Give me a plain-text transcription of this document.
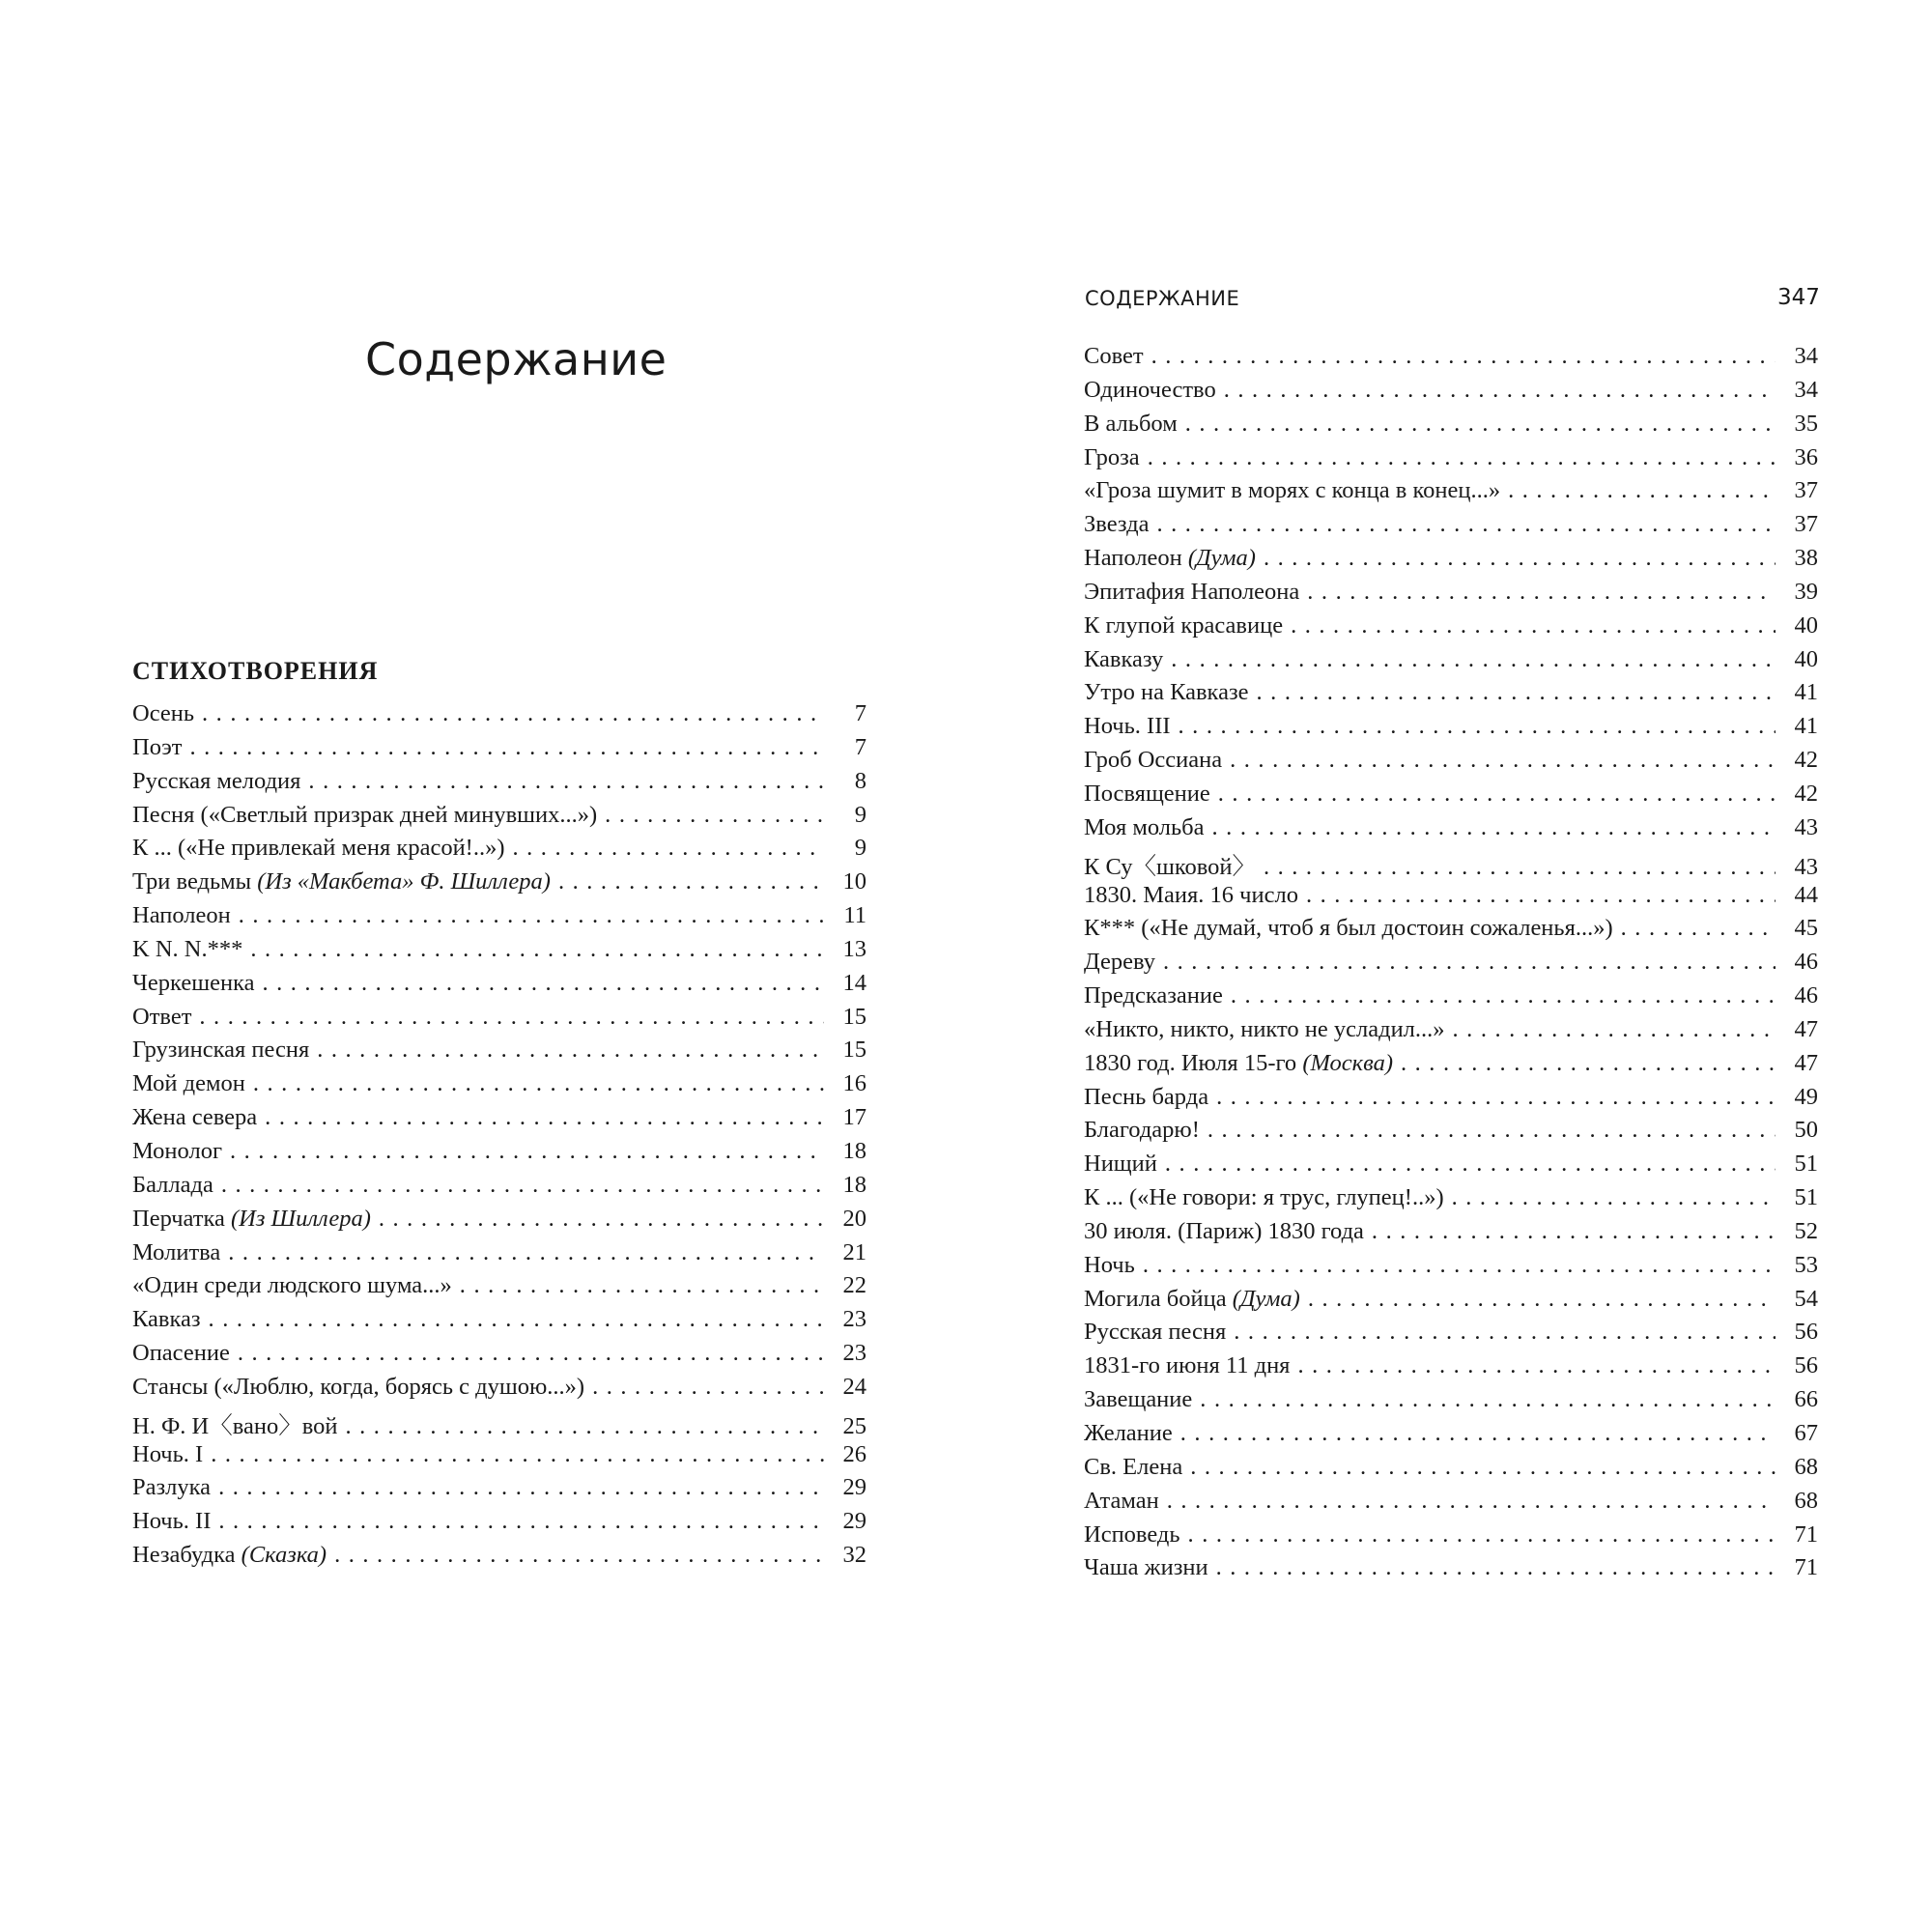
Содержание
СТИХОТВОРЕНИЯ
Осень . . .	7
Поэт . . .	7
Русская мелодия . . .	8
Песня («Светлый призрак дней минувших...») . . .	9
К ... («Не привлекай меня красой!..») . . .	9
Три ведьмы (Из «Макбета» Ф. Шиллера) . . .	10
Наполеон . . .	11
K N. N.*** . . .	13
Черкешенка . . .	14
Ответ . . .	15
Грузинская песня . . .	15
Мой демон . . .	16
Жена севера . . .	17
Монолог . . .	18
Баллада . . .	18
Перчатка (Из Шиллера) . . .	20
Молитва . . .	21
«Один среди людского шума...» . . .	22
Кавказ . . .	23
Опасение . . .	23
Стансы («Люблю, когда, борясь с душою...») . . .	24
Н. Ф. И〈вано〉вой . . .	25
Ночь. I . . .	26
Разлука . . .	29
Ночь. II . . .	29
Незабудка (Сказка) . . .	32
СОДЕРЖАНИЕ	347
Совет . . .	34
Одиночество . . .	34
В альбом . . .	35
Гроза . . .	36
«Гроза шумит в морях с конца в конец...» . . .	37
Звезда . . .	37
Наполеон (Дума) . . .	38
Эпитафия Наполеона . . .	39
К глупой красавице . . .	40
Кавказу . . .	40
Утро на Кавказе . . .	41
Ночь. III . . .	41
Гроб Оссиана . . .	42
Посвящение . . .	42
Моя мольба . . .	43
К Су〈шковой〉 . . .	43
1830. Маия. 16 число . . .	44
К*** («Не думай, чтоб я был достоин сожаленья...») . . .	45
Дереву . . .	46
Предсказание . . .	46
«Никто, никто, никто не усладил...» . . .	47
1830 год. Июля 15-го (Москва) . . .	47
Песнь барда . . .	49
Благодарю! . . .	50
Нищий . . .	51
К ... («Не говори: я трус, глупец!..») . . .	51
30 июля. (Париж) 1830 года . . .	52
Ночь . . .	53
Могила бойца (Дума) . . .	54
Русская песня . . .	56
1831-го июня 11 дня . . .	56
Завещание . . .	66
Желание . . .	67
Св. Елена . . .	68
Атаман . . .	68
Исповедь . . .	71
Чаша жизни . . .	71
